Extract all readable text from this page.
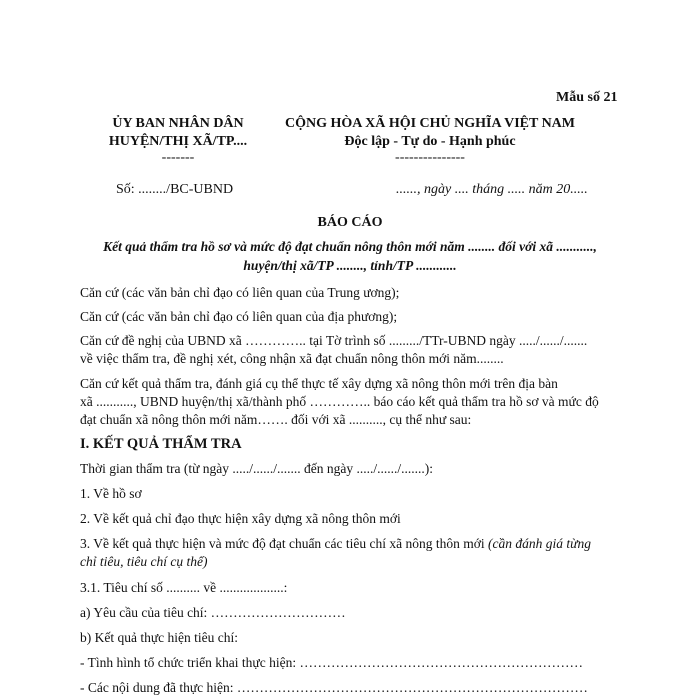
Mẫu số 21
ỦY BAN NHÂN DÂN
HUYỆN/THỊ XÃ/TP....
-------
CỘNG HÒA XÃ HỘI CHỦ NGHĨA VIỆT NAM
Độc lập - Tự do - Hạnh phúc
---------------
Số: ......../BC-UBND	......, ngày .... tháng ..... năm 20.....
BÁO CÁO
Kết quả thẩm tra hồ sơ và mức độ đạt chuẩn nông thôn mới năm ........ đối với xã ...........,
huyện/thị xã/TP ........, tỉnh/TP ............
Căn cứ (các văn bản chỉ đạo có liên quan của Trung ương);
Căn cứ (các văn bản chỉ đạo có liên quan của địa phương);
Căn cứ đề nghị của UBND xã ………….. tại Tờ trình số ........./TTr-UBND ngày ...../....../.......
về việc thẩm tra, đề nghị xét, công nhận xã đạt chuẩn nông thôn mới năm........
Căn cứ kết quả thẩm tra, đánh giá cụ thể thực tế xây dựng xã nông thôn mới trên địa bàn
xã ..........., UBND huyện/thị xã/thành phố ………….. báo cáo kết quả thẩm tra hồ sơ và mức độ
đạt chuẩn xã nông thôn mới năm……. đối với xã .........., cụ thể như sau:
I. KẾT QUẢ THẨM TRA
Thời gian thẩm tra (từ ngày ...../....../....... đến ngày ...../....../.......):
1. Về hồ sơ
2. Về kết quả chỉ đạo thực hiện xây dựng xã nông thôn mới
3. Về kết quả thực hiện và mức độ đạt chuẩn các tiêu chí xã nông thôn mới (cần đánh giá từng
chỉ tiêu, tiêu chí cụ thể)
3.1. Tiêu chí số .......... về ...................:
a) Yêu cầu của tiêu chí: …………………………
b) Kết quả thực hiện tiêu chí:
- Tình hình tổ chức triển khai thực hiện: ………………………………………………………
- Các nội dung đã thực hiện: ……………………………………………………………………
